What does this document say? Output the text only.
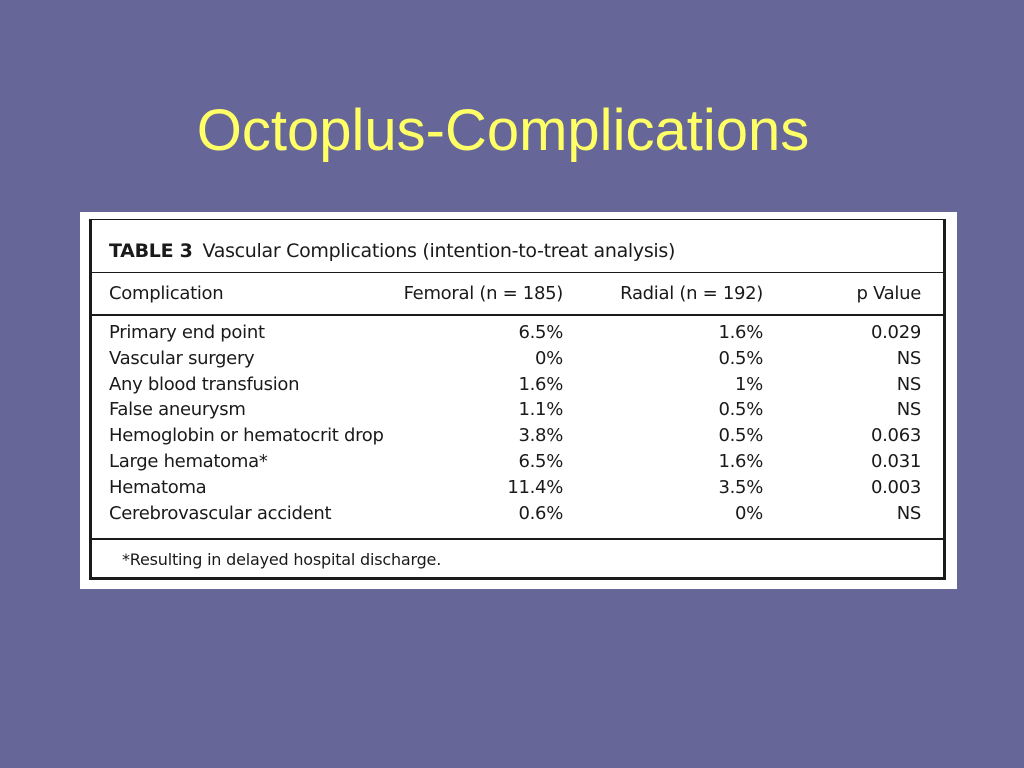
Octoplus-Complications
TABLE 3 Vascular Complications (intention-to-treat analysis)
Complication	Femoral (n = 185)	Radial (n = 192)	p Value
Primary end point	6.5%	1.6%	0.029
Vascular surgery	0%	0.5%	NS
Any blood transfusion	1.6%	1%	NS
False aneurysm	1.1%	0.5%	NS
Hemoglobin or hematocrit drop	3.8%	0.5%	0.063
Large hematoma*	6.5%	1.6%	0.031
Hematoma	11.4%	3.5%	0.003
Cerebrovascular accident	0.6%	0%	NS
*Resulting in delayed hospital discharge.
